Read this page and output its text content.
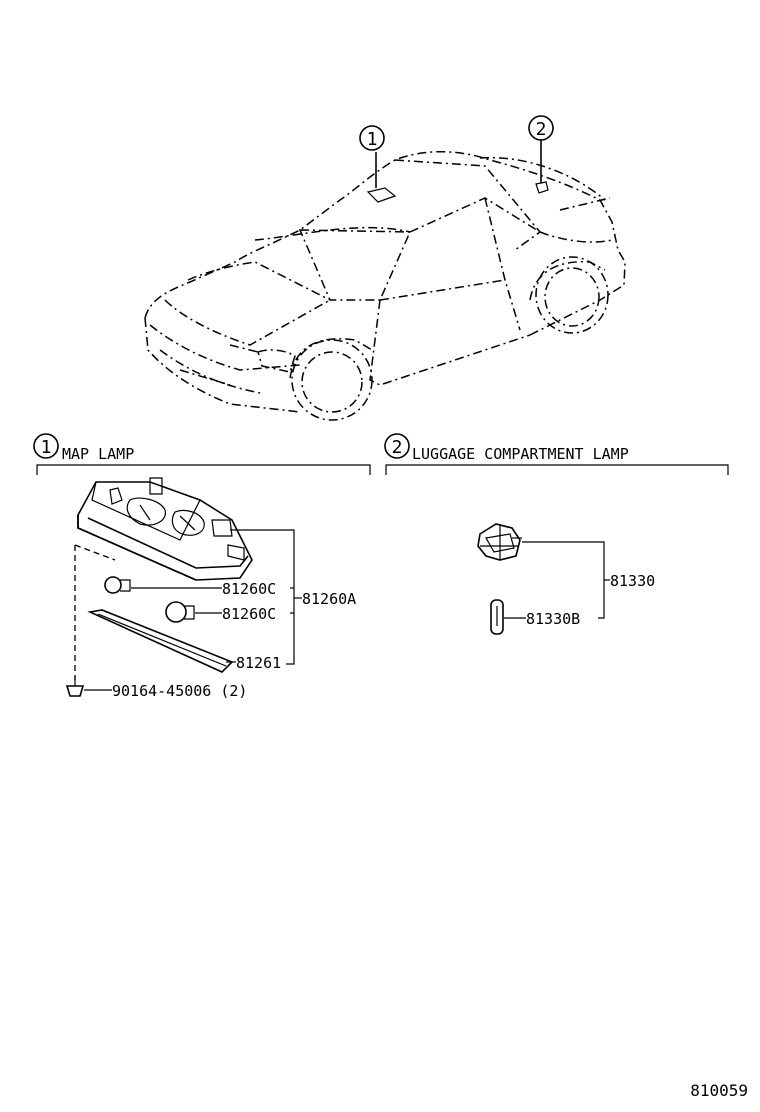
1	2
1 MAP LAMP	2 LUGGAGE COMPARTMENT LAMP
81260C
81260C
81261
81260A
90164-45006 (2)
81330
81330B
810059
